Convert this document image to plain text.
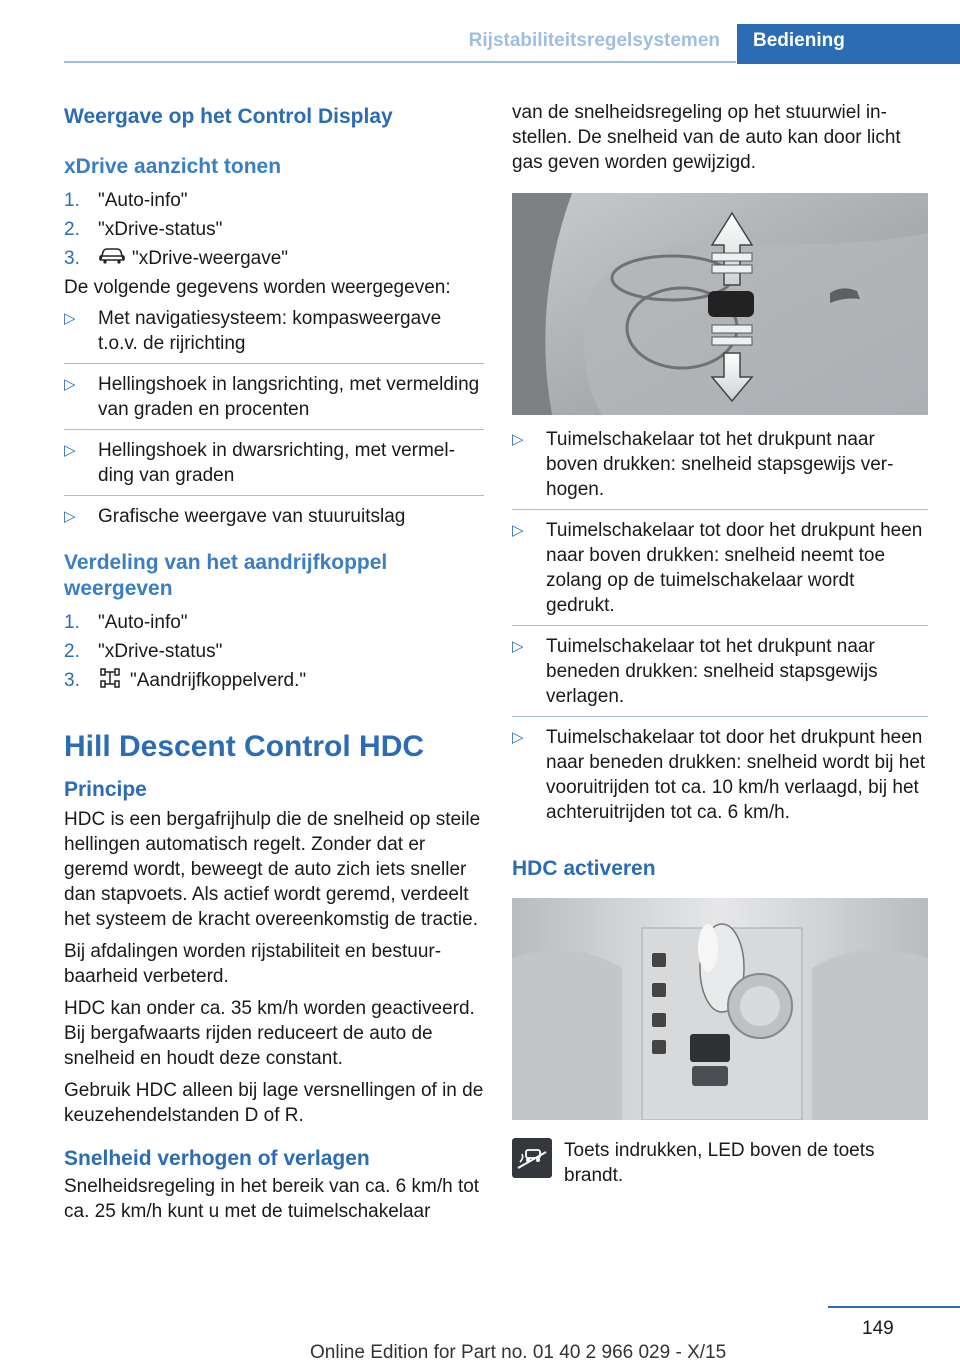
Rijstabiliteitsregelsystemen Bediening

Weergave op het Control Display

xDrive aanzicht tonen

1. "Auto-info"
2. "xDrive-status"
3.	"xDrive-weergave"

De volgende gegevens worden weergegeven:

▷	Met navigatiesysteem: kompasweergave t.o.v. de rijrichting
▷	Hellingshoek in langsrichting, met vermelding van graden en procenten
▷	Hellingshoek in dwarsrichting, met vermelding van graden
▷	Grafische weergave van stuuruitslag

Verdeling van het aandrijfkoppel weergeven

1. "Auto-info"
2. "xDrive-status"
3.	"Aandrijfkoppelverd."

Hill Descent Control HDC

Principe

HDC is een bergafrijhulp die de snelheid op steile hellingen automatisch regelt. Zonder dat er geremd wordt, beweegt de auto zich iets sneller dan stapvoets. Als actief wordt geremd, verdeelt het systeem de kracht overeenkomstig de tractie.

Bij afdalingen worden rijstabiliteit en bestuurbaarheid verbeterd.

HDC kan onder ca. 35 km/h worden geactiveerd. Bij bergafwaarts rijden reduceert de auto de snelheid en houdt deze constant.

Gebruik HDC alleen bij lage versnellingen of in de keuzehendelstanden D of R.

Snelheid verhogen of verlagen

Snelheidsregeling in het bereik van ca. 6 km/h tot ca. 25 km/h kunt u met de tuimelschakelaar

van de snelheidsregeling op het stuurwiel instellen. De snelheid van de auto kan door licht gas geven worden gewijzigd.

▷	Tuimelschakelaar tot het drukpunt naar boven drukken: snelheid stapsgewijs verhogen.
▷	Tuimelschakelaar tot door het drukpunt heen naar boven drukken: snelheid neemt toe zolang op de tuimelschakelaar wordt gedrukt.
▷	Tuimelschakelaar tot het drukpunt naar beneden drukken: snelheid stapsgewijs verlagen.
▷	Tuimelschakelaar tot door het drukpunt heen naar beneden drukken: snelheid wordt bij het vooruitrijden tot ca. 10 km/h verlaagd, bij het achteruitrijden tot ca. 6 km/h.

HDC activeren

Toets indrukken, LED boven de toets brandt.

149
Online Edition for Part no. 01 40 2 966 029 - X/15
